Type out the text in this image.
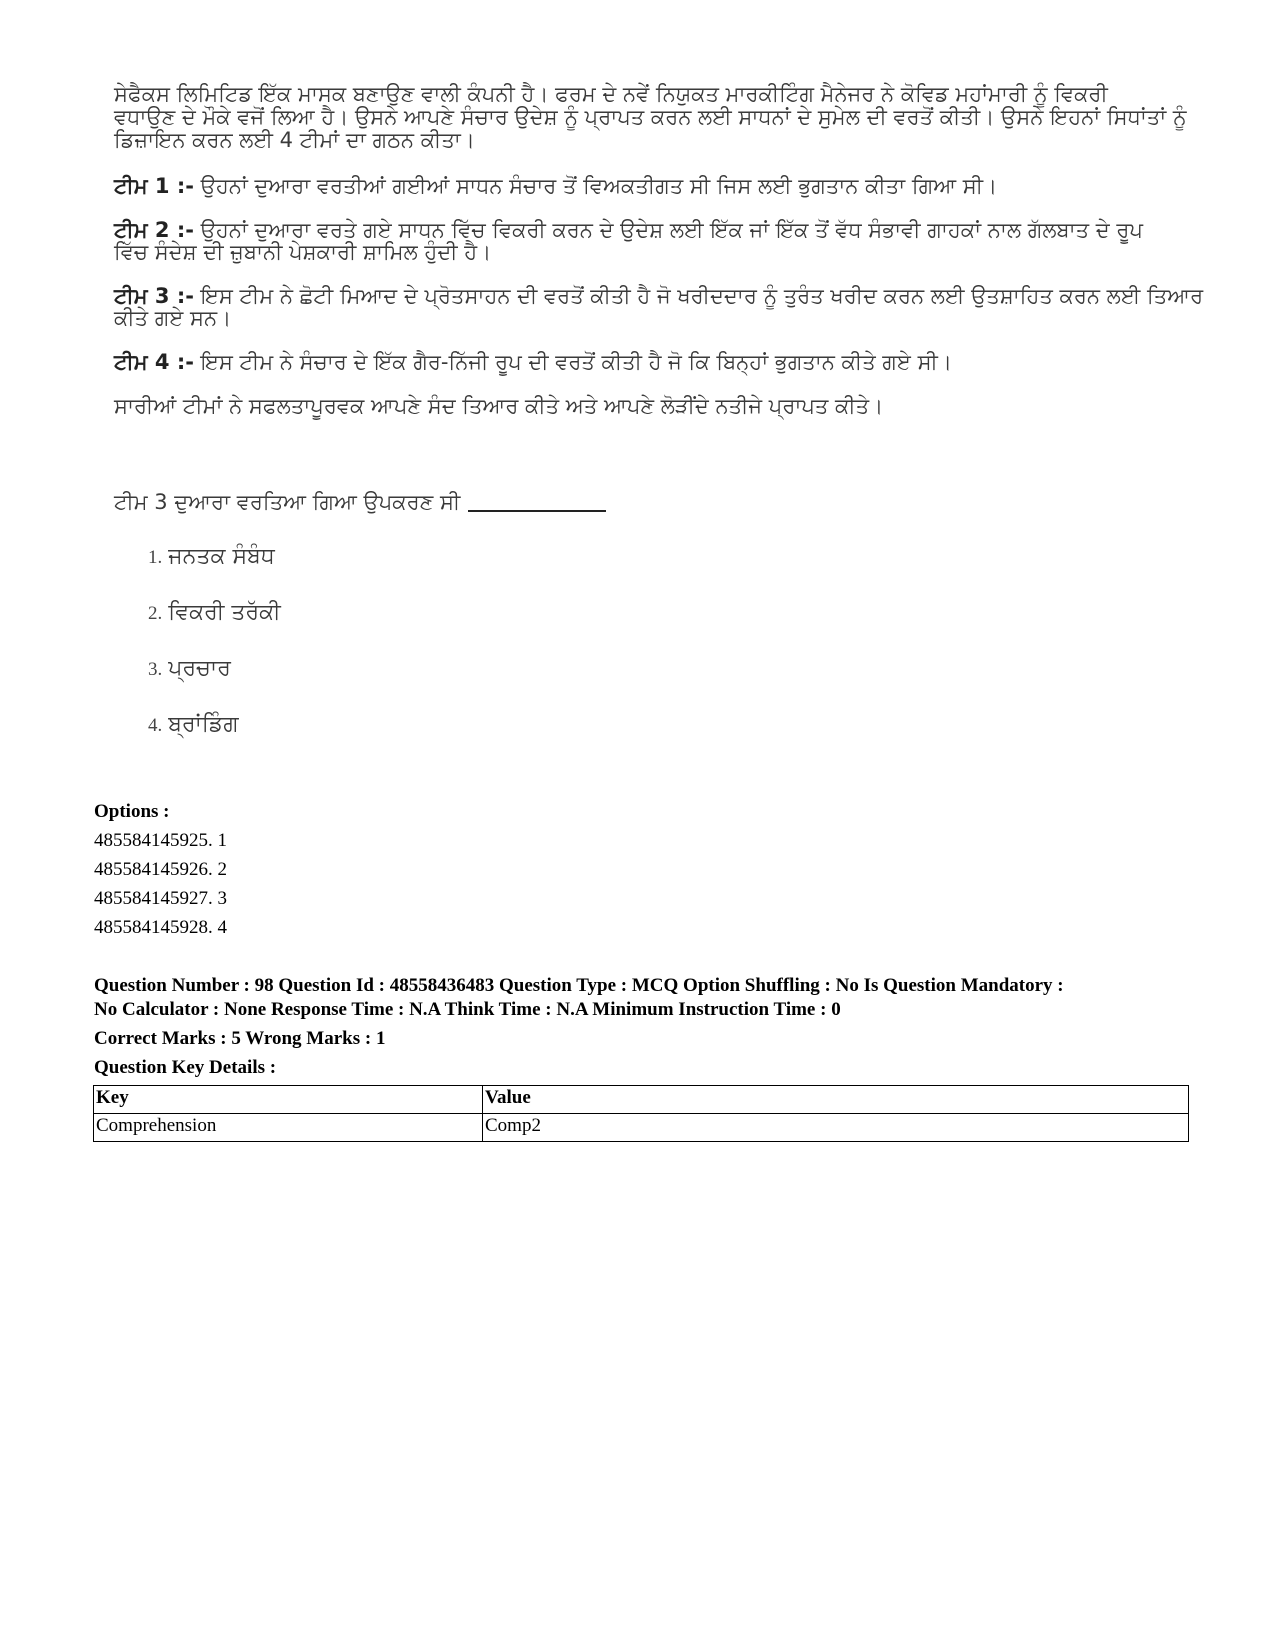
ਸੇਫੈਕਸ ਲਿਮਿਟਿਡ ਇੱਕ ਮਾਸਕ ਬਣਾਉਣ ਵਾਲੀ ਕੰਪਨੀ ਹੈ। ਫਰਮ ਦੇ ਨਵੇਂ ਨਿਯੁਕਤ ਮਾਰਕੀਟਿੰਗ ਮੈਨੇਜਰ ਨੇ ਕੋਵਿਡ ਮਹਾਂਮਾਰੀ ਨੂੰ ਵਿਕਰੀ
ਵਧਾਉਣ ਦੇ ਮੌਕੇ ਵਜੋਂ ਲਿਆ ਹੈ। ਉਸਨੇ ਆਪਣੇ ਸੰਚਾਰ ਉਦੇਸ਼ ਨੂੰ ਪ੍ਰਾਪਤ ਕਰਨ ਲਈ ਸਾਧਨਾਂ ਦੇ ਸੁਮੇਲ ਦੀ ਵਰਤੋਂ ਕੀਤੀ। ਉਸਨੇ ਇਹਨਾਂ ਸਿਧਾਂਤਾਂ ਨੂੰ
ਡਿਜ਼ਾਇਨ ਕਰਨ ਲਈ 4 ਟੀਮਾਂ ਦਾ ਗਠਨ ਕੀਤਾ।
ਟੀਮ 1 :- ਉਹਨਾਂ ਦੁਆਰਾ ਵਰਤੀਆਂ ਗਈਆਂ ਸਾਧਨ ਸੰਚਾਰ ਤੋਂ ਵਿਅਕਤੀਗਤ ਸੀ ਜਿਸ ਲਈ ਭੁਗਤਾਨ ਕੀਤਾ ਗਿਆ ਸੀ।
ਟੀਮ 2 :- ਉਹਨਾਂ ਦੁਆਰਾ ਵਰਤੇ ਗਏ ਸਾਧਨ ਵਿੱਚ ਵਿਕਰੀ ਕਰਨ ਦੇ ਉਦੇਸ਼ ਲਈ ਇੱਕ ਜਾਂ ਇੱਕ ਤੋਂ ਵੱਧ ਸੰਭਾਵੀ ਗਾਹਕਾਂ ਨਾਲ ਗੱਲਬਾਤ ਦੇ ਰੂਪ
ਵਿੱਚ ਸੰਦੇਸ਼ ਦੀ ਜ਼ੁਬਾਨੀ ਪੇਸ਼ਕਾਰੀ ਸ਼ਾਮਿਲ ਹੁੰਦੀ ਹੈ।
ਟੀਮ 3 :- ਇਸ ਟੀਮ ਨੇ ਛੋਟੀ ਮਿਆਦ ਦੇ ਪ੍ਰੋਤਸਾਹਨ ਦੀ ਵਰਤੋਂ ਕੀਤੀ ਹੈ ਜੋ ਖਰੀਦਦਾਰ ਨੂੰ ਤੁਰੰਤ ਖਰੀਦ ਕਰਨ ਲਈ ਉਤਸ਼ਾਹਿਤ ਕਰਨ ਲਈ ਤਿਆਰ
ਕੀਤੇ ਗਏ ਸਨ।
ਟੀਮ 4 :- ਇਸ ਟੀਮ ਨੇ ਸੰਚਾਰ ਦੇ ਇੱਕ ਗੈਰ-ਨਿੱਜੀ ਰੂਪ ਦੀ ਵਰਤੋਂ ਕੀਤੀ ਹੈ ਜੋ ਕਿ ਬਿਨ੍ਹਾਂ ਭੁਗਤਾਨ ਕੀਤੇ ਗਏ ਸੀ।
ਸਾਰੀਆਂ ਟੀਮਾਂ ਨੇ ਸਫਲਤਾਪੂਰਵਕ ਆਪਣੇ ਸੰਦ ਤਿਆਰ ਕੀਤੇ ਅਤੇ ਆਪਣੇ ਲੋੜੀਂਦੇ ਨਤੀਜੇ ਪ੍ਰਾਪਤ ਕੀਤੇ।
ਟੀਮ 3 ਦੁਆਰਾ ਵਰਤਿਆ ਗਿਆ ਉਪਕਰਣ ਸੀ
1. ਜਨਤਕ ਸੰਬੰਧ
2. ਵਿਕਰੀ ਤਰੱਕੀ
3. ਪ੍ਰਚਾਰ
4. ਬ੍ਰਾਂਡਿੰਗ
Options :
485584145925. 1
485584145926. 2
485584145927. 3
485584145928. 4
Question Number : 98 Question Id : 48558436483 Question Type : MCQ Option Shuffling : No Is Question Mandatory :
No Calculator : None Response Time : N.A Think Time : N.A Minimum Instruction Time : 0
Correct Marks : 5 Wrong Marks : 1
Question Key Details :
Key	Value
Comprehension	Comp2
